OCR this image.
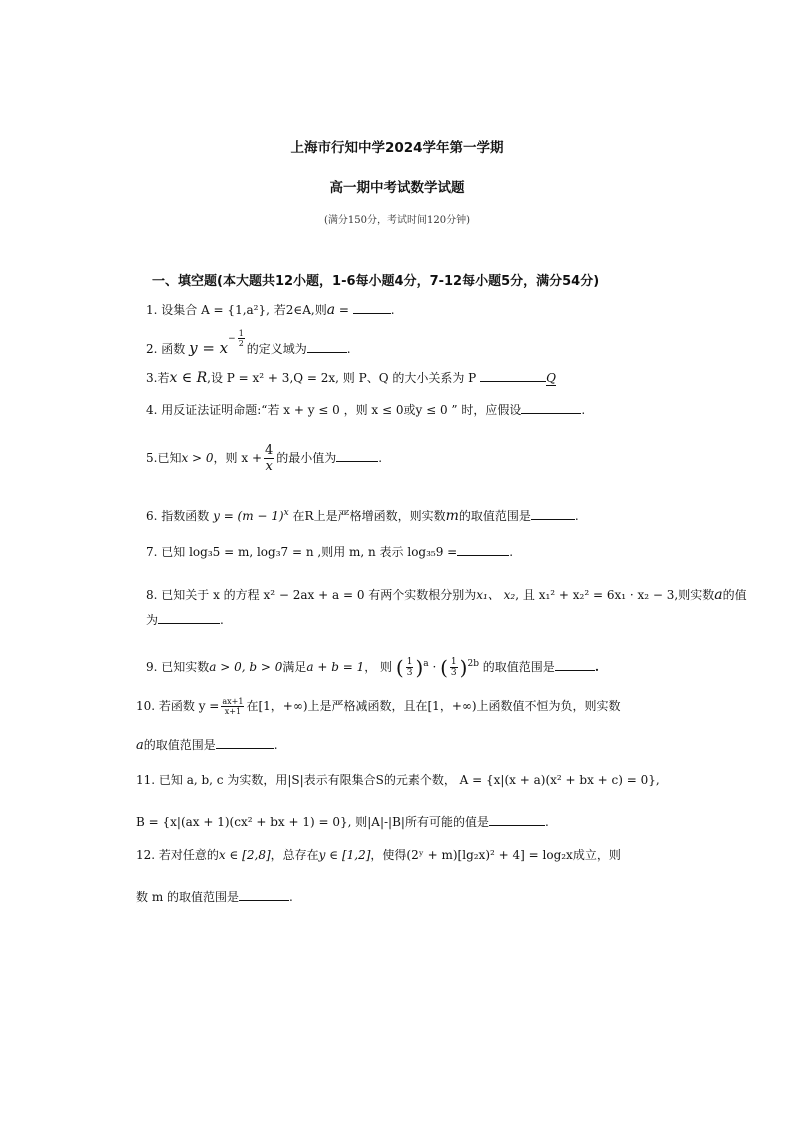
上海市行知中学2024学年第一学期
高一期中考试数学试题
(满分150分，考试时间120分钟)
一、填空题(本大题共12小题，1-6每小题4分，7-12每小题5分，满分54分)
1. 设集合 A = {1,a²}, 若2∈A,则a =	.
2. 函数 $y = x^{- \frac{1}{2}}$
的定义域为	.
3.若x ∈ R,设 P = x² + 3,Q = 2x, 则 P、Q 的大小关系为 P	Q
4. 用反证法证明命题:“若 x + y ≤ 0 ，则 x ≤ 0或y ≤ 0 ” 时，应假设	.
5.已知x > 0，则 $x + \frac{4}{x}$ 的最小值为	.
6. 指数函数 $y = (m - 1)^x$ 在R上是严格增函数，则实数m的取值范围是	.
7. 已知 log₃5 = m, log₃7 = n ,则用 m, n 表示 log₃₅9 =	.
8. 已知关于 x 的方程 x² − 2ax + a = 0 有两个实数根分别为x₁、 x₂, 且 x₁² + x₂² = 6x₁ · x₂ − 3,则实数a的值
为	.
9. 已知实数a > 0, b > 0满足a + b = 1， 则 ( $\frac{1}{3} )^a$ · ( $\frac{1}{3} )^{2b}$ 的取值范围是	.
10. 若函数 $y = \frac{ax+1}{x+1}$ 在[1，+∞)上是严格减函数，且在[1，+∞)上函数值不恒为负，则实数
a的取值范围是	.
11. 已知 a, b, c 为实数，用|S|表示有限集合S的元素个数， A = {x|(x + a)(x² + bx + c) = 0},
B = {x|(ax + 1)(cx² + bx + 1) = 0}, 则|A|-|B|所有可能的值是	.
12. 若对任意的x ∈ [2,8]，总存在y ∈ [1,2]，使得(2ʸ + m)[lg₂x)² + 4] = log₂x成立，则
数 m 的取值范围是	.
